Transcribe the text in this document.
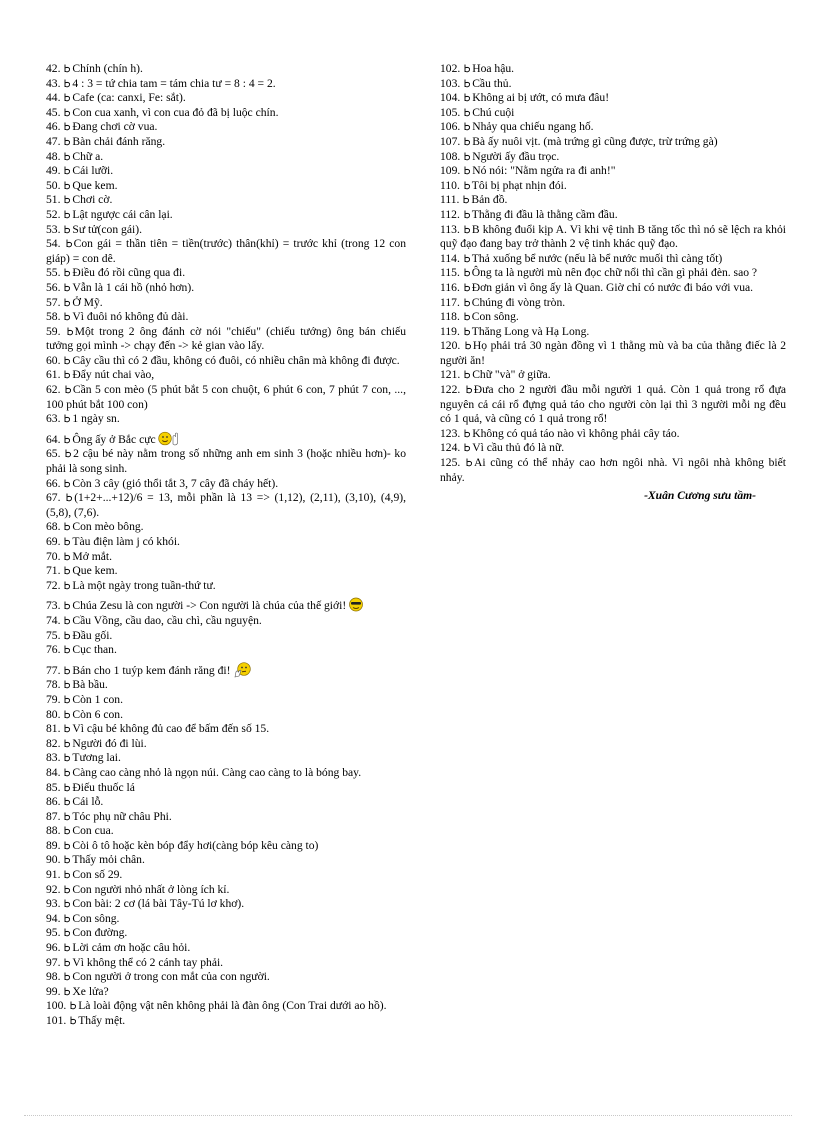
42. Chính (chín h).
43. 4 : 3 = tứ chia tam = tám chia tư = 8 : 4 = 2.
44. Cafe (ca: canxi, Fe: sắt).
45. Con cua xanh, vì con cua đỏ đã bị luộc chín.
46. Đang chơi cờ vua.
47. Bàn chải đánh răng.
48. Chữ a.
49. Cái lưỡi.
50. Que kem.
51. Chơi cờ.
52. Lật ngược cái cân lại.
53. Sư tử(con gái).
54. Con gái = thần tiên = tiền(trước) thân(khỉ) = trước khỉ (trong 12 con giáp) = con dê.
55. Điều đó rồi cũng qua đi.
56. Vẫn là 1 cái hồ (nhỏ hơn).
57. Ở Mỹ.
58. Vì đuôi nó không đủ dài.
59. Một trong 2 ông đánh cờ nói "chiếu" (chiếu tướng) ông bán chiếu tưởng gọi mình -> chạy đến -> kẻ gian vào lấy.
60. Cây cầu thì có 2 đầu, không có đuôi, có nhiều chân mà không đi được.
61. Đẩy nút chai vào,
62. Cần 5 con mèo (5 phút bắt 5 con chuột, 6 phút 6 con, 7 phút 7 con, ..., 100 phút bắt 100 con)
63. 1 ngày sn.
64. Ông ấy ở Bắc cực
65. 2 cậu bé này nằm trong số những anh em sinh 3 (hoặc nhiều hơn)- ko phải là song sinh.
66. Còn 3 cây (gió thổi tắt 3, 7 cây đã cháy hết).
67. (1+2+...+12)/6 = 13, mỗi phần là 13 => (1,12), (2,11), (3,10), (4,9), (5,8), (7,6).
68. Con mèo bông.
69. Tàu điện làm j có khói.
70. Mở mắt.
71. Que kem.
72. Là một ngày trong tuần-thứ tư.
73. Chúa Zesu là con người -> Con người là chúa của thế giới!
74. Cầu Vồng, cầu dao, cầu chì, cầu nguyện.
75. Đầu gối.
76. Cục than.
77. Bán cho 1 tuýp kem đánh răng đi!
78. Bà bầu.
79. Còn 1 con.
80. Còn 6 con.
81. Vì cậu bé không đủ cao để bấm đến số 15.
82. Người đó đi lùi.
83. Tương lai.
84. Càng cao càng nhỏ là ngọn núi. Càng cao càng to là bóng bay.
85. Điếu thuốc lá
86. Cái lỗ.
87. Tóc phụ nữ châu Phi.
88. Con cua.
89. Còi ô tô hoặc kèn bóp đẩy hơi(càng bóp kêu càng to)
90. Thấy mỏi chân.
91. Con số 29.
92. Con người nhỏ nhất ở lòng ích kỉ.
93. Con bài: 2 cơ (lá bài Tây-Tú lơ khơ).
94. Con sông.
95. Con đường.
96. Lời cảm ơn hoặc câu hỏi.
97. Vì không thể có 2 cánh tay phải.
98. Con người ở trong con mắt của con người.
99. Xe lửa?
100. Là loài động vật nên không phải là đàn ông (Con Trai dưới ao hồ).
101. Thấy mệt.
102. Hoa hậu.
103. Cầu thủ.
104. Không ai bị ướt, có mưa đâu!
105. Chú cuội
106. Nhảy qua chiếu ngang hố.
107. Bà ấy nuôi vịt. (mà trứng gì cũng được, trừ trứng gà)
108. Người ấy đầu trọc.
109. Nó nói: "Nằm ngửa ra đi anh!"
110. Tôi bị phạt nhịn đói.
111. Bản đồ.
112. Thằng đi đầu là thằng cầm đầu.
113. B không đuổi kịp A. Vì khi vệ tinh B tăng tốc thì nó sẽ lệch ra khỏi quỹ đạo đang bay trở thành 2 vệ tinh khác quỹ đạo.
114. Thả xuống bể nước (nếu là bể nước muối thì càng tốt)
115. Ông ta là người mù nên đọc chữ nổi thì cần gì phải đèn. sao ?
116. Đơn giản vì ông ấy là Quan. Giờ chỉ có nước đi báo với vua.
117. Chúng đi vòng tròn.
118. Con sông.
119. Thăng Long và Hạ Long.
120. Họ phải trả 30 ngàn đồng vì 1 thằng mù và ba của thằng điếc là 2 người ăn!
121. Chữ "và" ở giữa.
122. Đưa cho 2 người đầu mỗi người 1 quả. Còn 1 quả trong rổ đựa nguyên cả cái rổ đựng quả táo cho người còn lại thì 3 người mỗi ng đều có 1 quả, và cũng có 1 quả trong rổ!
123. Không có quả táo nào vì không phải cây táo.
124. Vì cầu thủ đó là nữ.
125. Ai cũng có thể nhảy cao hơn ngôi nhà. Vì ngôi nhà không biết nhảy.
-Xuân Cương sưu tầm-
